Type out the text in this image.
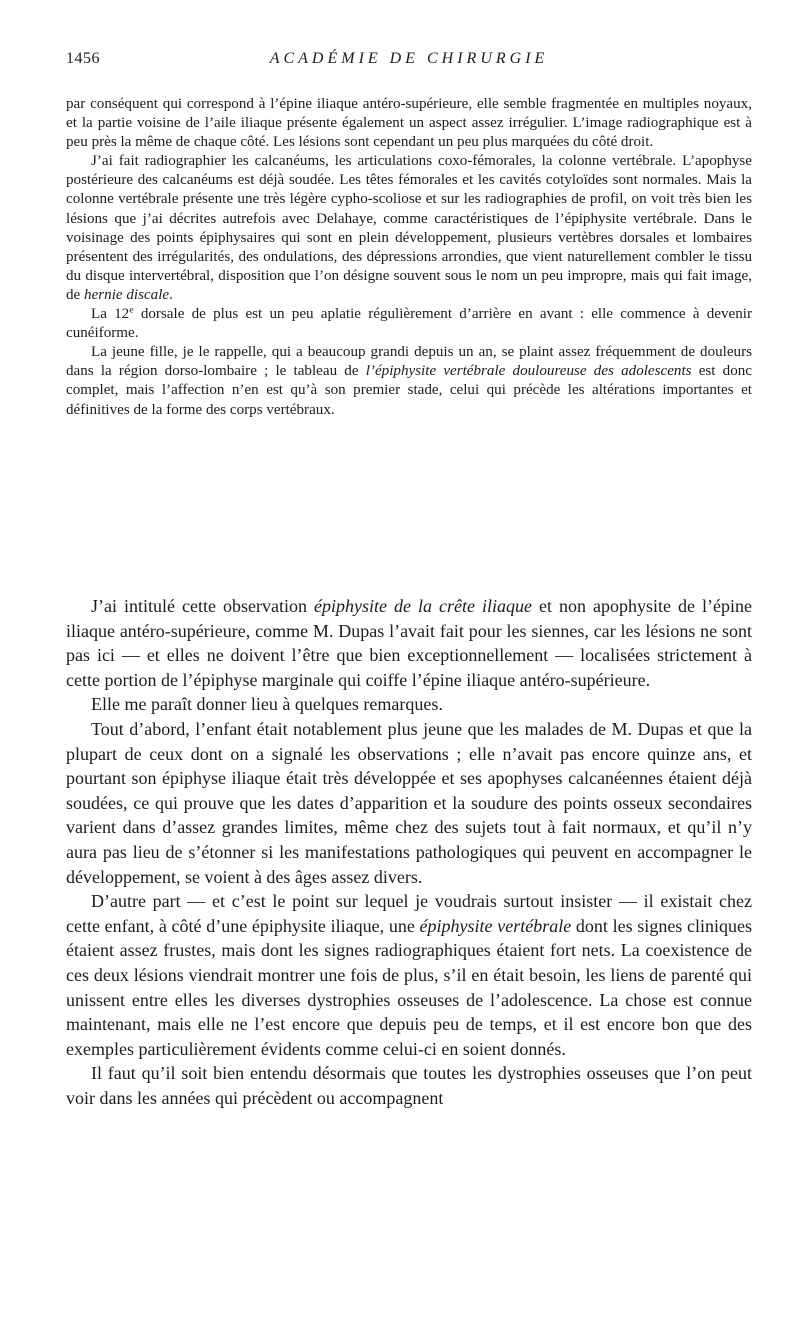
1456	ACADÉMIE DE CHIRURGIE

par conséquent qui correspond à l’épine iliaque antéro-supérieure, elle semble fragmentée en multiples noyaux, et la partie voisine de l’aile iliaque présente également un aspect assez irrégulier. L’image radiographique est à peu près la même de chaque côté. Les lésions sont cependant un peu plus marquées du côté droit.

J’ai fait radiographier les calcanéums, les articulations coxo-fémorales, la colonne vertébrale. L’apophyse postérieure des calcanéums est déjà soudée. Les têtes fémorales et les cavités cotyloïdes sont normales. Mais la colonne vertébrale présente une très légère cypho-scoliose et sur les radiographies de profil, on voit très bien les lésions que j’ai décrites autrefois avec Delahaye, comme caractéristiques de l’épiphysite vertébrale. Dans le voisinage des points épiphysaires qui sont en plein développement, plusieurs vertèbres dorsales et lombaires présentent des irrégularités, des ondulations, des dépressions arrondies, que vient naturellement combler le tissu du disque intervertébral, disposition que l’on désigne souvent sous le nom un peu impropre, mais qui fait image, de hernie discale.

La 12e dorsale de plus est un peu aplatie régulièrement d’arrière en avant : elle commence à devenir cunéiforme.

La jeune fille, je le rappelle, qui a beaucoup grandi depuis un an, se plaint assez fréquemment de douleurs dans la région dorso-lombaire ; le tableau de l’épiphysite vertébrale douloureuse des adolescents est donc complet, mais l’affection n’en est qu’à son premier stade, celui qui précède les altérations importantes et définitives de la forme des corps vertébraux.

J’ai intitulé cette observation épiphysite de la crête iliaque et non apophysite de l’épine iliaque antéro-supérieure, comme M. Dupas l’avait fait pour les siennes, car les lésions ne sont pas ici — et elles ne doivent l’être que bien exceptionnellement — localisées strictement à cette portion de l’épiphyse marginale qui coiffe l’épine iliaque antéro-supérieure.

Elle me paraît donner lieu à quelques remarques.

Tout d’abord, l’enfant était notablement plus jeune que les malades de M. Dupas et que la plupart de ceux dont on a signalé les observations ; elle n’avait pas encore quinze ans, et pourtant son épiphyse iliaque était très développée et ses apophyses calcanéennes étaient déjà soudées, ce qui prouve que les dates d’apparition et la soudure des points osseux secondaires varient dans d’assez grandes limites, même chez des sujets tout à fait normaux, et qu’il n’y aura pas lieu de s’étonner si les manifestations pathologiques qui peuvent en accompagner le développement, se voient à des âges assez divers.

D’autre part — et c’est le point sur lequel je voudrais surtout insister — il existait chez cette enfant, à côté d’une épiphysite iliaque, une épiphysite vertébrale dont les signes cliniques étaient assez frustes, mais dont les signes radiographiques étaient fort nets. La coexistence de ces deux lésions viendrait montrer une fois de plus, s’il en était besoin, les liens de parenté qui unissent entre elles les diverses dystrophies osseuses de l’adolescence. La chose est connue maintenant, mais elle ne l’est encore que depuis peu de temps, et il est encore bon que des exemples particulièrement évidents comme celui-ci en soient donnés.

Il faut qu’il soit bien entendu désormais que toutes les dystrophies osseuses que l’on peut voir dans les années qui précèdent ou accompagnent
